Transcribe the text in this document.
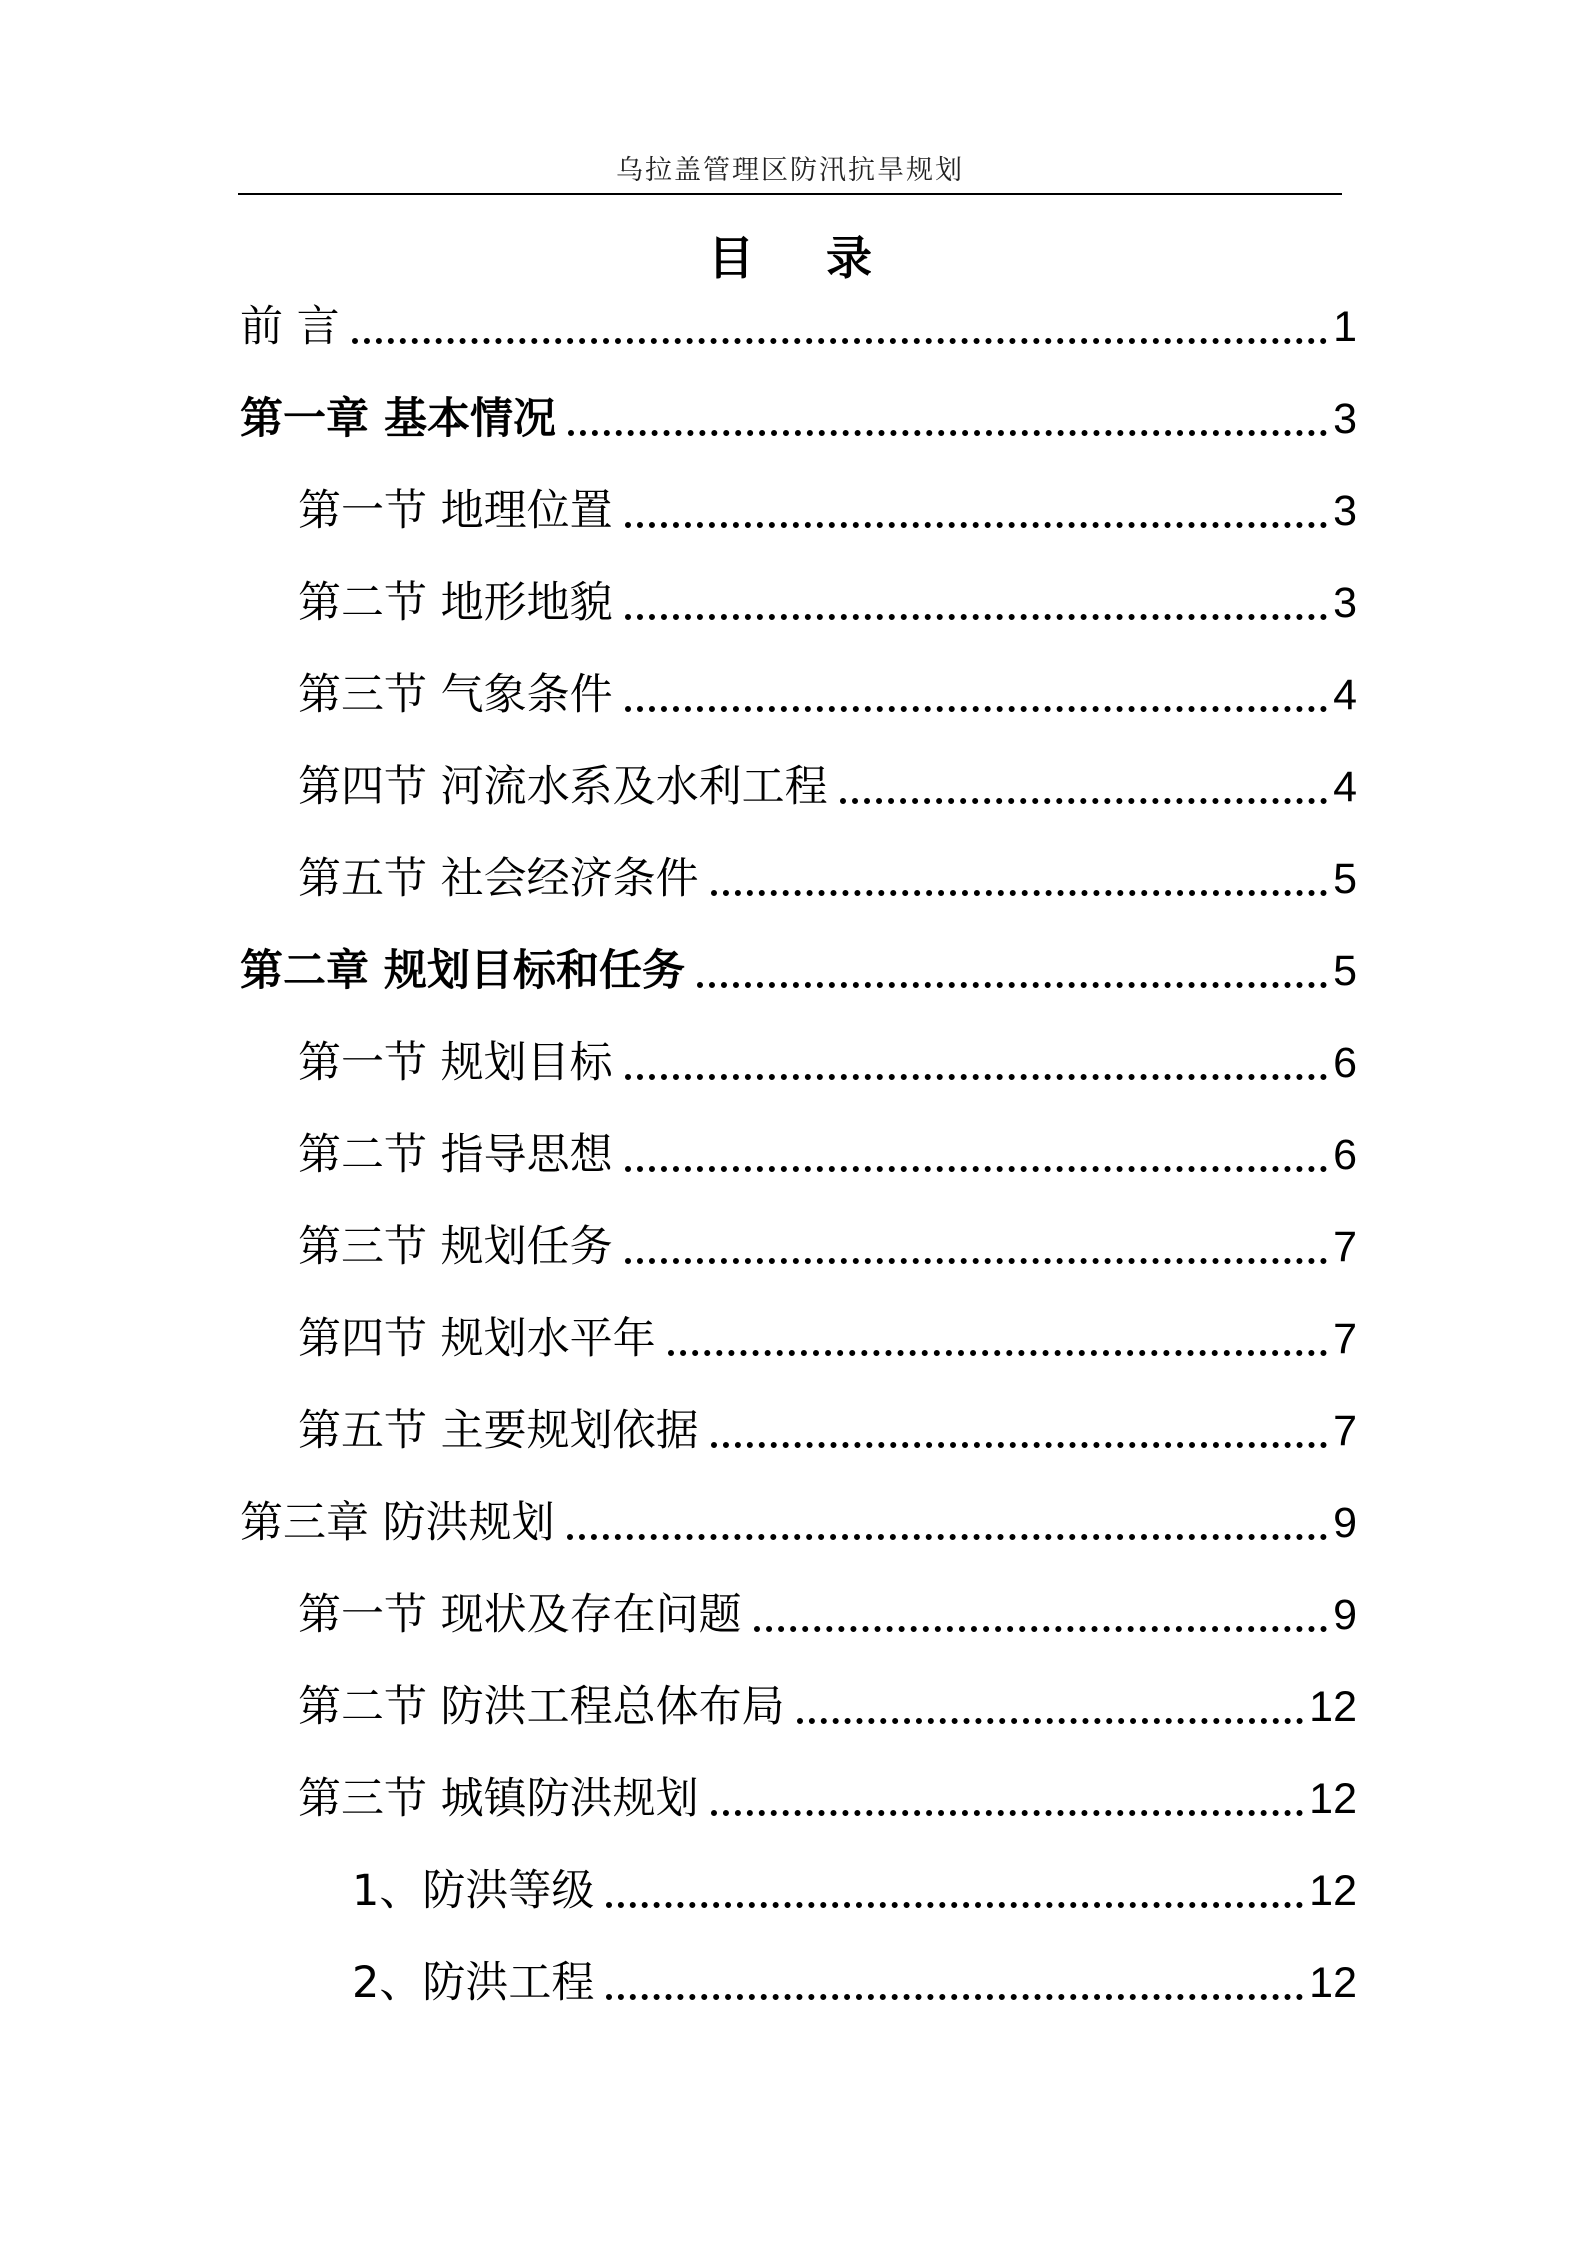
乌拉盖管理区防汛抗旱规划
目 录
前 言	1
第一章 基本情况	3
第一节 地理位置	3
第二节 地形地貌	3
第三节 气象条件	4
第四节 河流水系及水利工程	4
第五节 社会经济条件	5
第二章 规划目标和任务	5
第一节 规划目标	6
第二节 指导思想	6
第三节 规划任务	7
第四节 规划水平年	7
第五节 主要规划依据	7
第三章 防洪规划	9
第一节 现状及存在问题	9
第二节 防洪工程总体布局	12
第三节 城镇防洪规划	12
1、防洪等级	12
2、防洪工程	12
